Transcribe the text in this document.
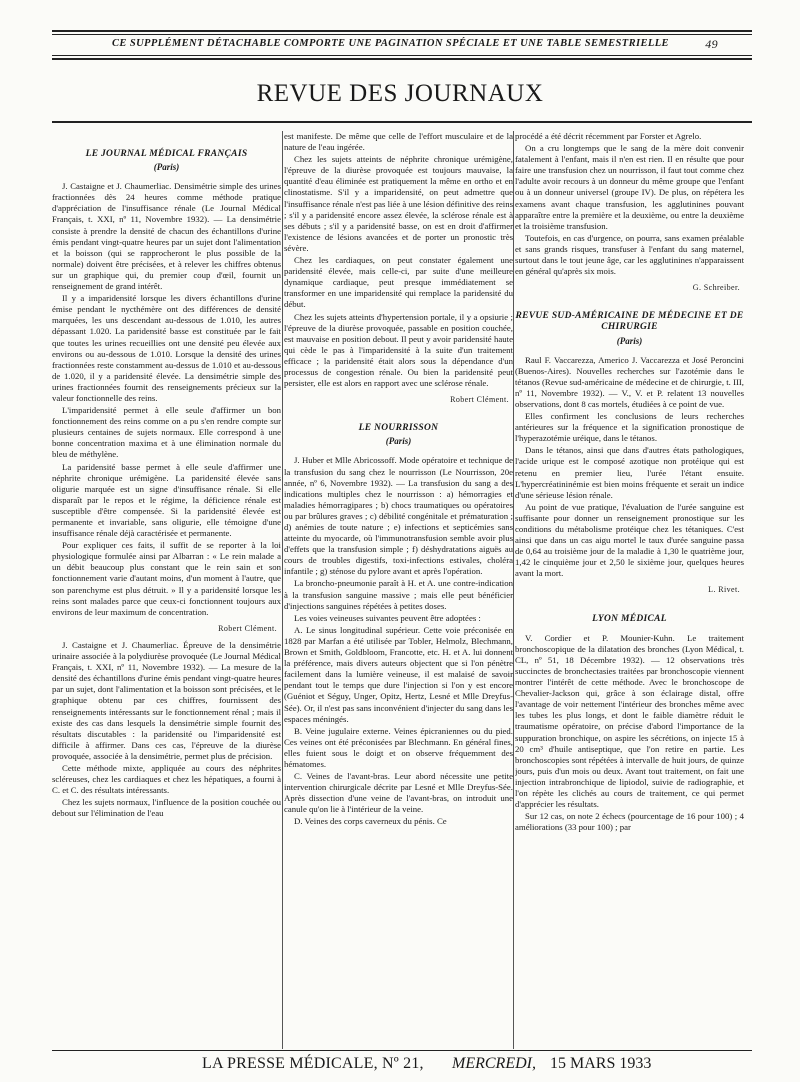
CE SUPPLÉMENT DÉTACHABLE COMPORTE UNE PAGINATION SPÉCIALE ET UNE TABLE SEMESTRIELLE	49
REVUE DES JOURNAUX
LE JOURNAL MÉDICAL FRANÇAIS
(Paris)

J. Castaigne et J. Chaumerliac. Densimétrie simple des urines fractionnées dès 24 heures comme méthode pratique d'appréciation de l'insuffisance rénale (Le Journal Médical Français, t. XXI, nº 11, Novembre 1932). — La densimétrie consiste à prendre la densité de chacun des échantillons d'urine émis pendant vingt-quatre heures par un sujet dont l'alimentation et la boisson (qui se rapprocheront le plus possible de la normale) doivent être précisées, et à relever les chiffres obtenus sur un graphique qui, du premier coup d'œil, fournit un renseignement de grand intérêt.

Il y a imparidensité lorsque les divers échantillons d'urine émise pendant le nycthémère ont des différences de densité marquées, les uns descendant au-dessous de 1.010, les autres dépassant 1.020. La paridensité basse est constituée par le fait que toutes les urines recueillies ont une densité peu élevée aux environs ou au-dessous de 1.010. Lorsque la densité des urines fractionnées reste constamment au-dessus de 1.010 et au-dessous de 1.020, il y a paridensité élevée. La densimétrie simple des urines fractionnées fournit des renseignements précieux sur la valeur fonctionnelle des reins.

L'imparidensité permet à elle seule d'affirmer un bon fonctionnement des reins comme on a pu s'en rendre compte sur plusieurs centaines de sujets normaux. Elle correspond à une bonne concentration maxima et à une élimination normale du bleu de méthylène.

La paridensité basse permet à elle seule d'affirmer une néphrite chronique urémigène. La paridensité élevée sans oligurie marquée est un signe d'insuffisance rénale. Si elle disparaît par le repos et le régime, la déficience rénale est susceptible d'être compensée. Si la paridensité élevée est permanente et invariable, sans oligurie, elle témoigne d'une insuffisance rénale déjà caractérisée et permanente.

Pour expliquer ces faits, il suffit de se reporter à la loi physiologique formulée ainsi par Albarran : « Le rein malade a un débit beaucoup plus constant que le rein sain et son fonctionnement varie d'autant moins, d'un moment à l'autre, que son parenchyme est plus détruit. » Il y a paridensité lorsque les reins sont malades parce que ceux-ci fonctionnent toujours aux environs de leur maximum de concentration.

Robert Clément.

J. Castaigne et J. Chaumerliac. Épreuve de la densimétrie urinaire associée à la polydiurèse provoquée (Le Journal Médical Français, t. XXI, nº 11, Novembre 1932). — La mesure de la densité des échantillons d'urine émis pendant vingt-quatre heures par un sujet, dont l'alimentation et la boisson sont précisées, et le graphique obtenu par ces chiffres, fournissent des renseignements intéressants sur le fonctionnement rénal ; mais il existe des cas dans lesquels la densimétrie simple fournit des résultats discutables : la paridensité ou l'imparidensité est difficile à affirmer. Dans ces cas, l'épreuve de la diurèse provoquée, associée à la densimétrie, permet plus de précision.

Cette méthode mixte, appliquée au cours des néphrites scléreuses, chez les cardiaques et chez les hépatiques, a fourni à C. et C. des résultats intéressants.

Chez les sujets normaux, l'influence de la position couchée ou debout sur l'élimination de l'eau

est manifeste. De même que celle de l'effort musculaire et de la nature de l'eau ingérée.

Chez les sujets atteints de néphrite chronique urémigène, l'épreuve de la diurèse provoquée est toujours mauvaise, la quantité d'eau éliminée est pratiquement la même en ortho et en clinostatisme. S'il y a imparidensité, on peut admettre que l'insuffisance rénale n'est pas liée à une lésion définitive des reins ; s'il y a paridensité encore assez élevée, la sclérose rénale est à ses débuts ; s'il y a paridensité basse, on est en droit d'affirmer l'existence de lésions avancées et de porter un pronostic très sévère.

Chez les cardiaques, on peut constater également une paridensité élevée, mais celle-ci, par suite d'une meilleure dynamique cardiaque, peut presque immédiatement se transformer en une imparidensité qui remplace la paridensité du début.

Chez les sujets atteints d'hypertension portale, il y a opsiurie ; l'épreuve de la diurèse provoquée, passable en position couchée, est mauvaise en position debout. Il peut y avoir paridensité haute qui cède le pas à l'imparidensité à la suite d'un traitement efficace ; la paridensité était alors sous la dépendance d'un processus de congestion rénale. Ou bien la paridensité peut persister, elle est alors en rapport avec une sclérose rénale.

Robert Clément.
LE NOURRISSON
(Paris)

J. Huber et Mlle Abricossoff. Mode opératoire et technique de la transfusion du sang chez le nourrisson (Le Nourrisson, 20e année, nº 6, Novembre 1932). — La transfusion du sang a des indications multiples chez le nourrisson : a) hémorragies et maladies hémorragipares ; b) chocs traumatiques ou opératoires ou par brûlures graves ; c) débilité congénitale et prématuration ; d) anémies de toute nature ; e) infections et septicémies sans atteinte du myocarde, où l'immunotransfusion semble avoir plus d'effets que la transfusion simple ; f) déshydratations aiguës au cours de troubles digestifs, toxi-infections estivales, choléra infantile ; g) sténose du pylore avant et après l'opération.

La broncho-pneumonie paraît à H. et A. une contre-indication à la transfusion sanguine massive ; mais elle peut bénéficier d'injections sanguines répétées à petites doses.

Les voies veineuses suivantes peuvent être adoptées :

A. Le sinus longitudinal supérieur. Cette voie préconisée en 1828 par Marfan a été utilisée par Tobler, Helmolz, Blechmann, Brown et Smith, Goldbloom, Francotte, etc. H. et A. lui donnent la préférence, mais divers auteurs objectent que si l'on pénètre facilement dans la lumière veineuse, il est malaisé de savoir pendant tout le temps que dure l'injection si l'on y est encore (Guéniot et Séguy, Unger, Opitz, Hertz, Lesné et Mlle Dreyfus-Sée). Or, il n'est pas sans inconvénient d'injecter du sang dans les espaces méningés.

B. Veine jugulaire externe. Veines épicraniennes ou du pied. Ces veines ont été préconisées par Blechmann. En général fines, elles fuient sous le doigt et on observe fréquemment des hématomes.

C. Veines de l'avant-bras. Leur abord nécessite une petite intervention chirurgicale décrite par Lesné et Mlle Dreyfus-Sée. Après dissection d'une veine de l'avant-bras, on introduit une canule qu'on lie à l'intérieur de la veine.

D. Veines des corps caverneux du pénis. Ce

procédé a été décrit récemment par Forster et Agrelo.

On a cru longtemps que le sang de la mère doit convenir fatalement à l'enfant, mais il n'en est rien. Il en résulte que pour faire une transfusion chez un nourrisson, il faut tout comme chez l'adulte avoir recours à un donneur du même groupe que l'enfant ou à un donneur universel (groupe IV). De plus, on répétera les examens avant chaque transfusion, les agglutinines pouvant apparaître entre la première et la deuxième, ou entre la deuxième et la troisième transfusion.

Toutefois, en cas d'urgence, on pourra, sans examen préalable et sans grands risques, transfuser à l'enfant du sang maternel, surtout dans le tout jeune âge, car les agglutinines n'apparaissent en général qu'après six mois.

G. Schreiber.
REVUE SUD-AMÉRICAINE DE MÉDECINE ET DE CHIRURGIE
(Paris)

Raul F. Vaccarezza, Americo J. Vaccarezza et José Peroncini (Buenos-Aires). Nouvelles recherches sur l'azotémie dans le tétanos (Revue sud-américaine de médecine et de chirurgie, t. III, nº 11, Novembre 1932). — V., V. et P. relatent 13 nouvelles observations, dont 8 cas mortels, étudiées à ce point de vue.

Elles confirment les conclusions de leurs recherches antérieures sur la fréquence et la signification pronostique de l'hyperazotémie uréique, dans le tétanos.

Dans le tétanos, ainsi que dans d'autres états pathologiques, l'acide urique est le composé azotique non protéique qui est retenu en premier lieu, l'urée l'étant ensuite. L'hypercréatininémie est bien moins fréquente et serait un indice d'une sérieuse lésion rénale.

Au point de vue pratique, l'évaluation de l'urée sanguine est suffisante pour donner un renseignement pronostique sur les conditions du métabolisme protéique chez les tétaniques. C'est ainsi que dans un cas aigu mortel le taux d'urée sanguine passa de 0,64 au troisième jour de la maladie à 1,30 le quatrième jour, 1,42 le cinquième jour et 2,50 le sixième jour, quelques heures avant la mort.

L. Rivet.
LYON MÉDICAL

V. Cordier et P. Mounier-Kuhn. Le traitement bronchoscopique de la dilatation des bronches (Lyon Médical, t. CL, nº 51, 18 Décembre 1932). — 12 observations très succinctes de bronchectasies traitées par bronchoscopie viennent montrer l'intérêt de cette méthode. Avec le bronchoscope de Chevalier-Jackson qui, grâce à son éclairage distal, offre l'avantage de voir nettement l'intérieur des bronches même avec les tubes les plus longs, et dont le faible diamètre réduit le traumatisme opératoire, on précise d'abord l'importance de la suppuration bronchique, on aspire les sécrétions, on injecte 15 à 20 cm³ d'huile antiseptique, que l'on retire en partie. Les bronchoscopies sont répétées à intervalle de huit jours, de quinze jours, puis d'un mois ou deux. Avant tout traitement, on fait une injection intrabronchique de lipiodol, suivie de radiographie, et l'on répète les clichés au cours de traitement, ce qui permet d'apprécier les résultats.

Sur 12 cas, on note 2 échecs (pourcentage de 16 pour 100) ; 4 améliorations (33 pour 100) ; par

LA PRESSE MÉDICALE, Nº 21, MERCREDI, 15 MARS 1933
